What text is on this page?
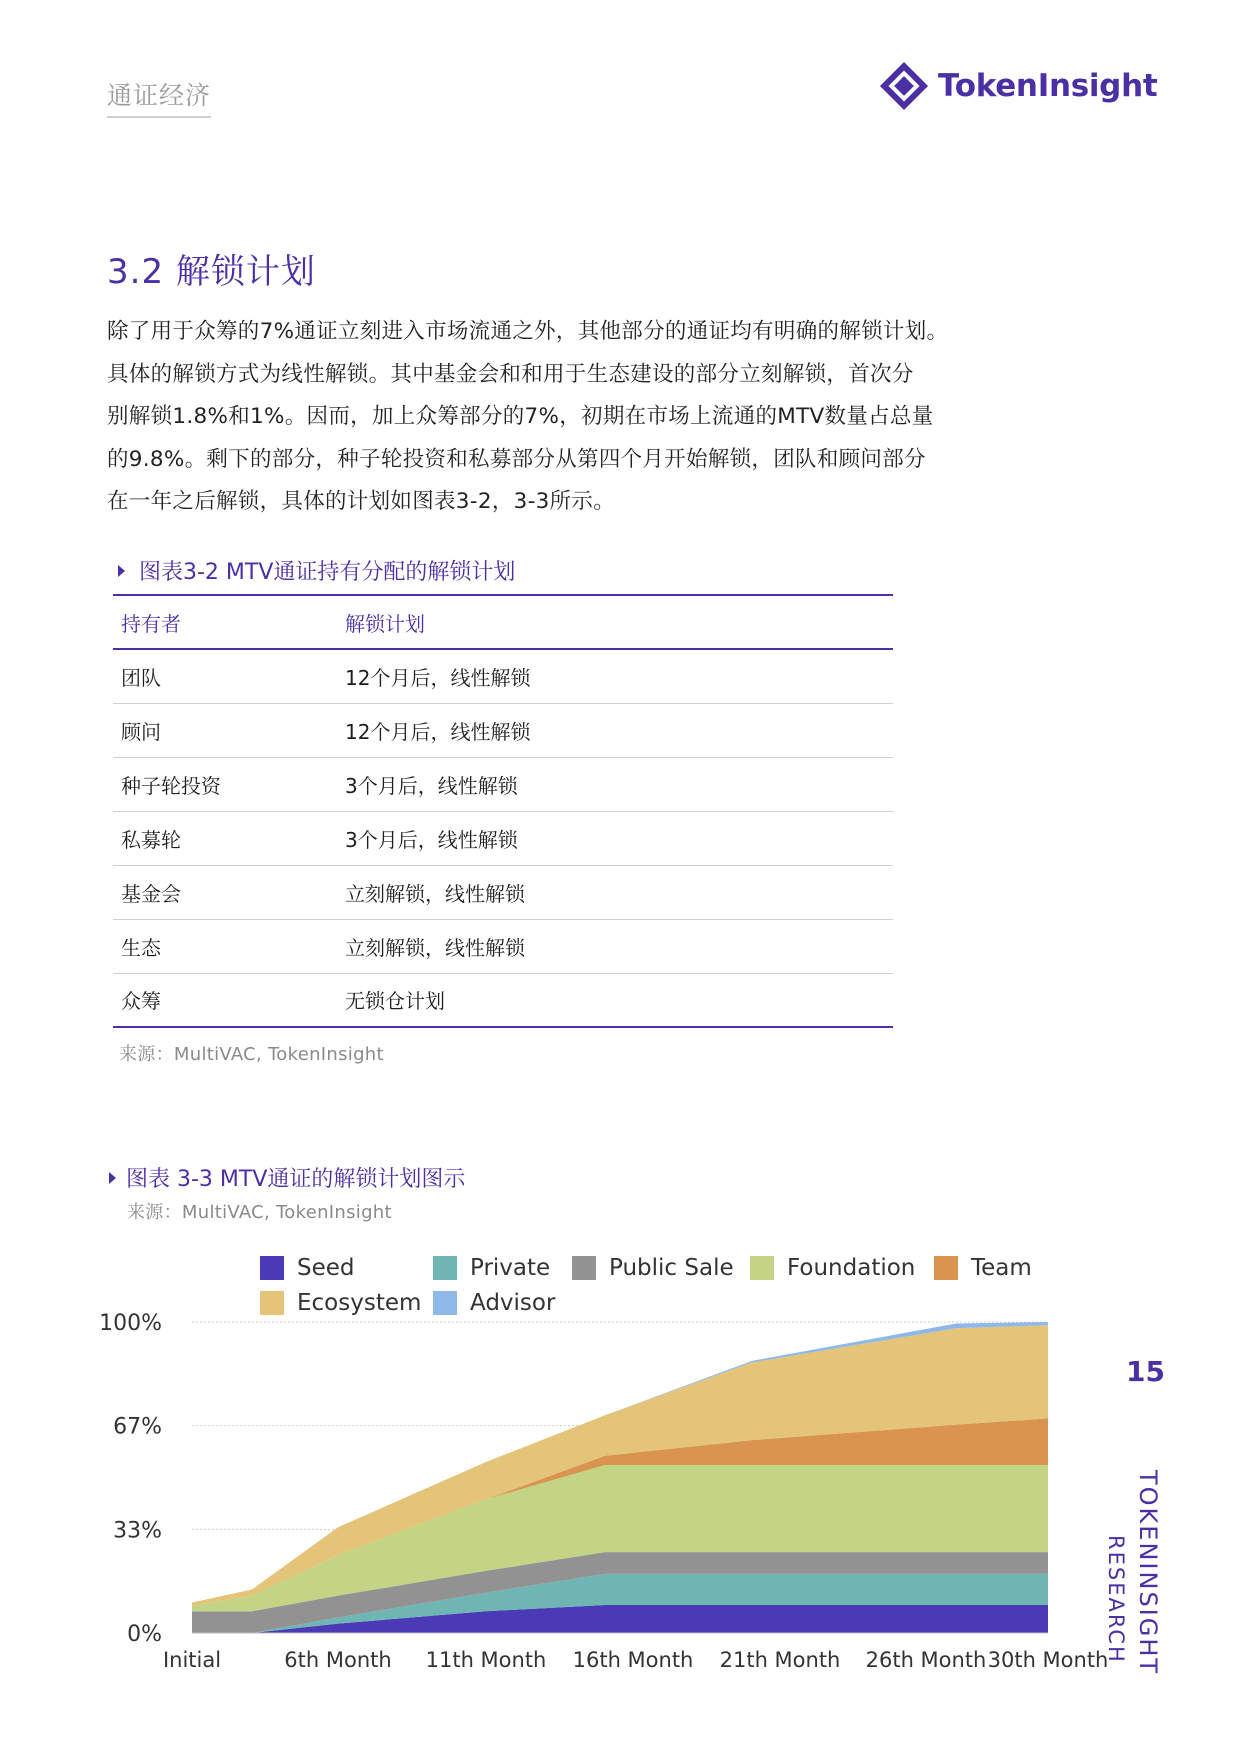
通证经济	TokenInsight
3.2 解锁计划
除了用于众筹的7%通证立刻进入市场流通之外，其他部分的通证均有明确的解锁计划。
具体的解锁方式为线性解锁。其中基金会和和用于生态建设的部分立刻解锁，首次分
别解锁1.8%和1%。因而，加上众筹部分的7%，初期在市场上流通的MTV数量占总量
的9.8%。剩下的部分，种子轮投资和私募部分从第四个月开始解锁，团队和顾问部分
在一年之后解锁，具体的计划如图表3-2，3-3所示。
图表3-2 MTV通证持有分配的解锁计划
持有者	解锁计划
团队	12个月后，线性解锁
顾问	12个月后，线性解锁
种子轮投资	3个月后，线性解锁
私募轮	3个月后，线性解锁
基金会	立刻解锁，线性解锁
生态	立刻解锁，线性解锁
众筹	无锁仓计划
来源：MultiVAC, TokenInsight
图表 3-3 MTV通证的解锁计划图示
来源：MultiVAC, TokenInsight
Seed	Private	Public Sale Foundation Team
Ecosystem Advisor
0%
33%
67%
100%
Initial	6th Month 11th Month 16th Month 21th Month 26th Month 30th Month
15
TOKENINSIGHT
RESEARCH
